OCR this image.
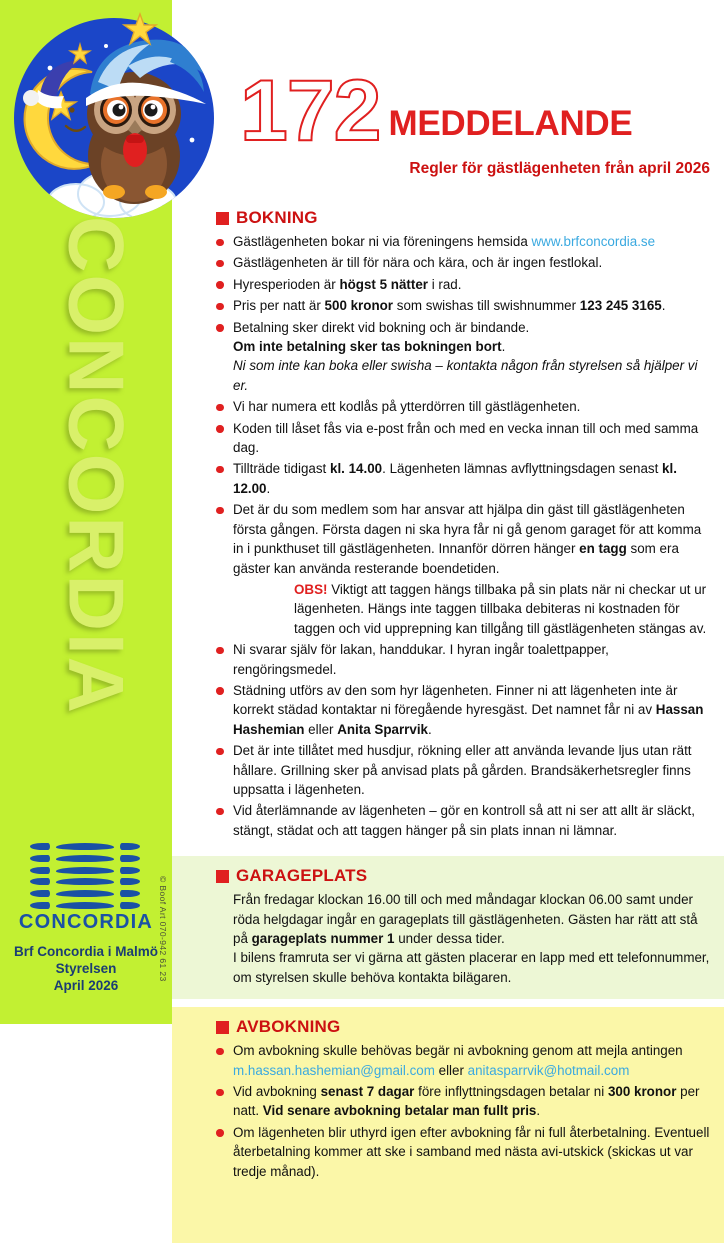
CONCORDIA
CONCORDIA
Brf Concordia i Malmö
Styrelsen
April 2026
172 MEDDELANDE
Regler för gästlägenheten från april 2026
BOKNING
Gästlägenheten bokar ni via föreningens hemsida www.brfconcordia.se
Gästlägenheten är till för nära och kära, och är ingen festlokal.
Hyresperioden är högst 5 nätter i rad.
Pris per natt är 500 kronor som swishas till swishnummer 123 245 3165.
Betalning sker direkt vid bokning och är bindande.
Om inte betalning sker tas bokningen bort.
Ni som inte kan boka eller swisha – kontakta någon från styrelsen så hjälper vi er.
Vi har numera ett kodlås på ytterdörren till gästlägenheten.
Koden till låset fås via e-post från och med en vecka innan till och med samma dag.
Tillträde tidigast kl. 14.00. Lägenheten lämnas avflyttningsdagen senast kl. 12.00.
Det är du som medlem som har ansvar att hjälpa din gäst till gästlägenheten första gången. Första dagen ni ska hyra får ni gå genom garaget för att komma in i punkthuset till gästlägenheten. Innanför dörren hänger en tagg som era gäster kan använda resterande boendetiden.
OBS! Viktigt att taggen hängs tillbaka på sin plats när ni checkar ut ur lägenheten. Hängs inte taggen tillbaka debiteras ni kostnaden för taggen och vid upprepning kan tillgång till gästlägenheten stängas av.
Ni svarar själv för lakan, handdukar. I hyran ingår toalettpapper, rengöringsmedel.
Städning utförs av den som hyr lägenheten. Finner ni att lägenheten inte är korrekt städad kontaktar ni föregående hyresgäst. Det namnet får ni av Hassan Hashemian eller Anita Sparrvik.
Det är inte tillåtet med husdjur, rökning eller att använda levande ljus utan rätt hållare. Grillning sker på anvisad plats på gården. Brandsäkerhetsregler finns uppsatta i lägenheten.
Vid återlämnande av lägenheten – gör en kontroll så att ni ser att allt är släckt, stängt, städat och att taggen hänger på sin plats innan ni lämnar.
GARAGEPLATS

Från fredagar klockan 16.00 till och med måndagar klockan 06.00 samt under röda helgdagar ingår en garageplats till gästlägenheten. Gästen har rätt att stå på garageplats nummer 1 under dessa tider.

I bilens framruta ser vi gärna att gästen placerar en lapp med ett telefonnummer, om styrelsen skulle behöva kontakta bilägaren.

AVBOKNING
Om avbokning skulle behövas begär ni avbokning genom att mejla antingen
m.hassan.hashemian@gmail.com eller anitasparrvik@hotmail.com
Vid avbokning senast 7 dagar före inflyttningsdagen betalar ni 300 kronor per natt. Vid senare avbokning betalar man fullt pris.
Om lägenheten blir uthyrd igen efter avbokning får ni full återbetalning. Eventuell återbetalning kommer att ske i samband med nästa avi-utskick (skickas ut var tredje månad).
